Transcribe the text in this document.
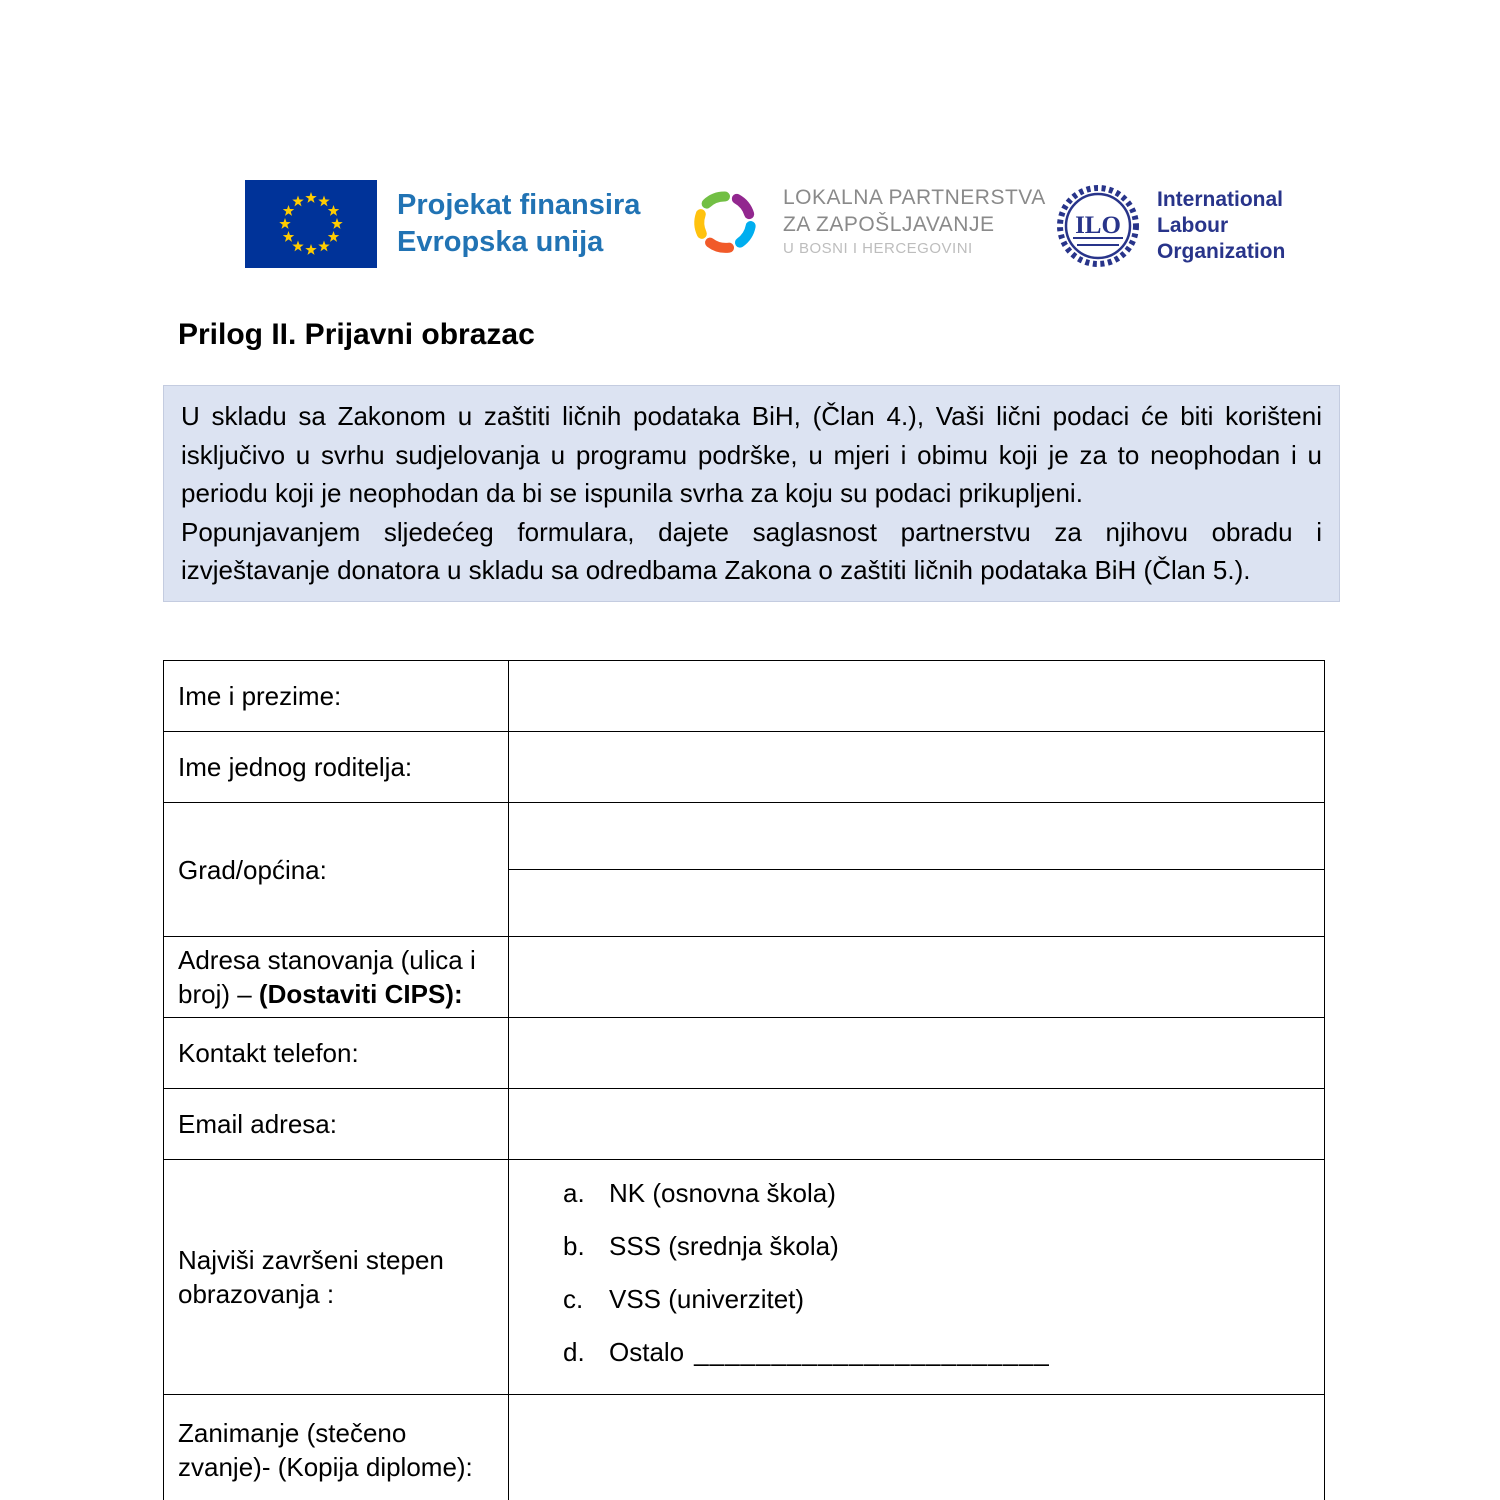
Projekat finansira
Evropska unija
LOKALNA PARTNERSTVA
ZA ZAPOŠLJAVANJE
U BOSNI I HERCEGOVINI
ILO
International
Labour
Organization
Prilog II. Prijavni obrazac
U skladu sa Zakonom u zaštiti ličnih podataka BiH, (Član 4.), Vaši lični podaci će biti korišteni isključivo u svrhu sudjelovanja u programu podrške, u mjeri i obimu koji je za to neophodan i u periodu koji je neophodan da bi se ispunila svrha za koju su podaci prikupljeni.
Popunjavanjem sljedećeg formulara, dajete saglasnost partnerstvu za njihovu obradu i izvještavanje donatora u skladu sa odredbama Zakona o zaštiti ličnih podataka BiH (Član 5.).
Ime i prezime:	
Ime jednog roditelja:	
Grad/općina:	

Adresa stanovanja (ulica i broj) – (Dostaviti CIPS):	
Kontakt telefon:	
Email adresa:	
Najviši završeni stepen obrazovanja :	
a. NK (osnovna škola)
b. SSS (srednja škola)
c. VSS (univerzitet)
d. Ostalo _______________________

Zanimanje (stečeno zvanje)- (Kopija diplome):	
